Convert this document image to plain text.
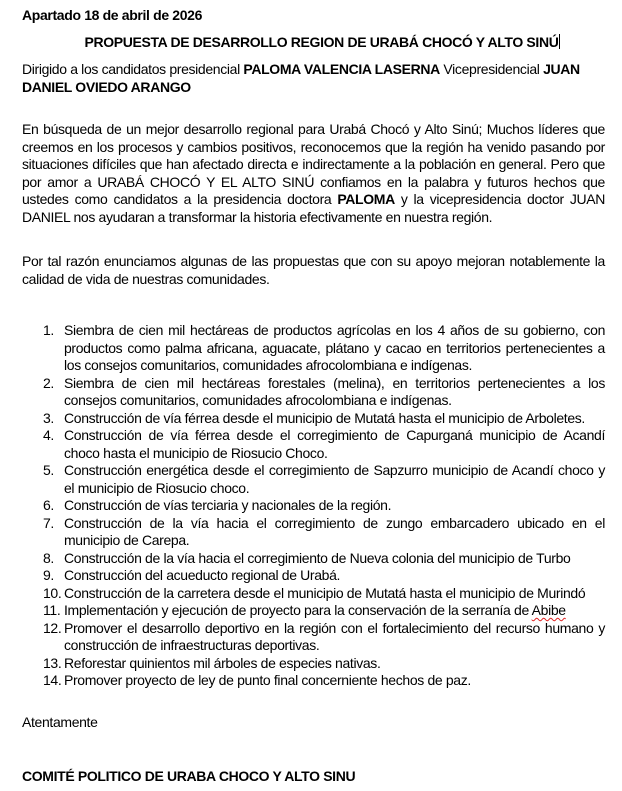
Apartado 18 de abril de 2026
PROPUESTA DE DESARROLLO REGION DE URABÁ CHOCÓ Y ALTO SINÚ
Dirigido a los candidatos presidencial PALOMA VALENCIA LASERNA Vicepresidencial JUAN DANIEL OVIEDO ARANGO
En búsqueda de un mejor desarrollo regional para Urabá Chocó y Alto Sinú; Muchos líderes que creemos en los procesos y cambios positivos, reconocemos que la región ha venido pasando por situaciones difíciles que han afectado directa e indirectamente a la población en general. Pero que por amor a URABÁ CHOCÓ Y EL ALTO SINÚ confiamos en la palabra y futuros hechos que ustedes como candidatos a la presidencia doctora PALOMA y la vicepresidencia doctor JUAN DANIEL nos ayudaran a transformar la historia efectivamente en nuestra región.
Por tal razón enunciamos algunas de las propuestas que con su apoyo mejoran notablemente la calidad de vida de nuestras comunidades.
1. Siembra de cien mil hectáreas de productos agrícolas en los 4 años de su gobierno, con productos como palma africana, aguacate, plátano y cacao en territorios pertenecientes a los consejos comunitarios, comunidades afrocolombiana e indígenas.
2. Siembra de cien mil hectáreas forestales (melina), en territorios pertenecientes a los consejos comunitarios, comunidades afrocolombiana e indígenas.
3. Construcción de vía férrea desde el municipio de Mutatá hasta el municipio de Arboletes.
4. Construcción de vía férrea desde el corregimiento de Capurganá municipio de Acandí choco hasta el municipio de Riosucio Choco.
5. Construcción energética desde el corregimiento de Sapzurro municipio de Acandí choco y el municipio de Riosucio choco.
6. Construcción de vías terciaria y nacionales de la región.
7. Construcción de la vía hacia el corregimiento de zungo embarcadero ubicado en el municipio de Carepa.
8. Construcción de la vía hacia el corregimiento de Nueva colonia del municipio de Turbo
9. Construcción del acueducto regional de Urabá.
10. Construcción de la carretera desde el municipio de Mutatá hasta el municipio de Murindó
11. Implementación y ejecución de proyecto para la conservación de la serranía de Abibe
12. Promover el desarrollo deportivo en la región con el fortalecimiento del recurso humano y construcción de infraestructuras deportivas.
13. Reforestar quinientos mil árboles de especies nativas.
14. Promover proyecto de ley de punto final concerniente hechos de paz.
Atentamente
COMITÉ POLITICO DE URABA CHOCO Y ALTO SINU
